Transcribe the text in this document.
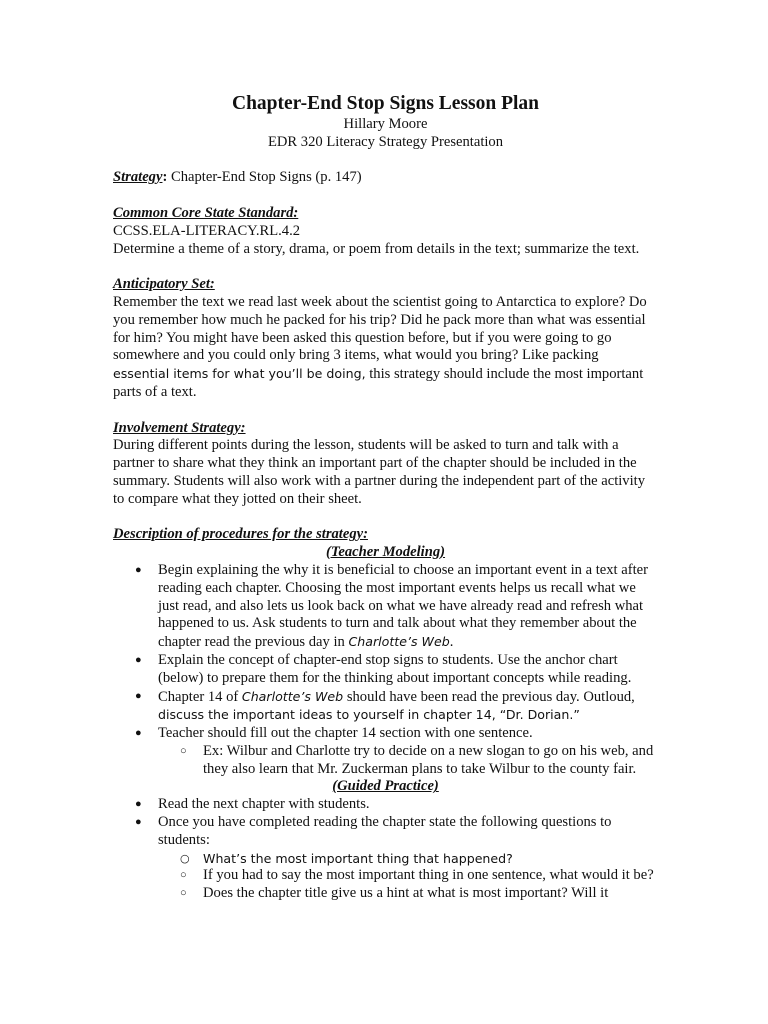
Chapter-End Stop Signs Lesson Plan
Hillary Moore
EDR 320 Literacy Strategy Presentation
Strategy: Chapter-End Stop Signs (p. 147)
Common Core State Standard:
CCSS.ELA-LITERACY.RL.4.2
Determine a theme of a story, drama, or poem from details in the text; summarize the text.
Anticipatory Set:
Remember the text we read last week about the scientist going to Antarctica to explore? Do you remember how much he packed for his trip? Did he pack more than what was essential for him? You might have been asked this question before, but if you were going to go somewhere and you could only bring 3 items, what would you bring? Like packing essential items for what you’ll be doing, this strategy should include the most important parts of a text.
Involvement Strategy:
During different points during the lesson, students will be asked to turn and talk with a partner to share what they think an important part of the chapter should be included in the summary. Students will also work with a partner during the independent part of the activity to compare what they jotted on their sheet.
Description of procedures for the strategy:
(Teacher Modeling)
● Begin explaining the why it is beneficial to choose an important event in a text after reading each chapter. Choosing the most important events helps us recall what we just read, and also lets us look back on what we have already read and refresh what happened to us. Ask students to turn and talk about what they remember about the chapter read the previous day in Charlotte’s Web.
● Explain the concept of chapter-end stop signs to students. Use the anchor chart (below) to prepare them for the thinking about important concepts while reading.
● Chapter 14 of Charlotte’s Web should have been read the previous day. Outloud, discuss the important ideas to yourself in chapter 14, “Dr. Dorian.”
● Teacher should fill out the chapter 14 section with one sentence.
○ Ex: Wilbur and Charlotte try to decide on a new slogan to go on his web, and they also learn that Mr. Zuckerman plans to take Wilbur to the county fair.
(Guided Practice)
● Read the next chapter with students.
● Once you have completed reading the chapter state the following questions to students:
○ What’s the most important thing that happened?
○ If you had to say the most important thing in one sentence, what would it be?
○ Does the chapter title give us a hint at what is most important? Will it
